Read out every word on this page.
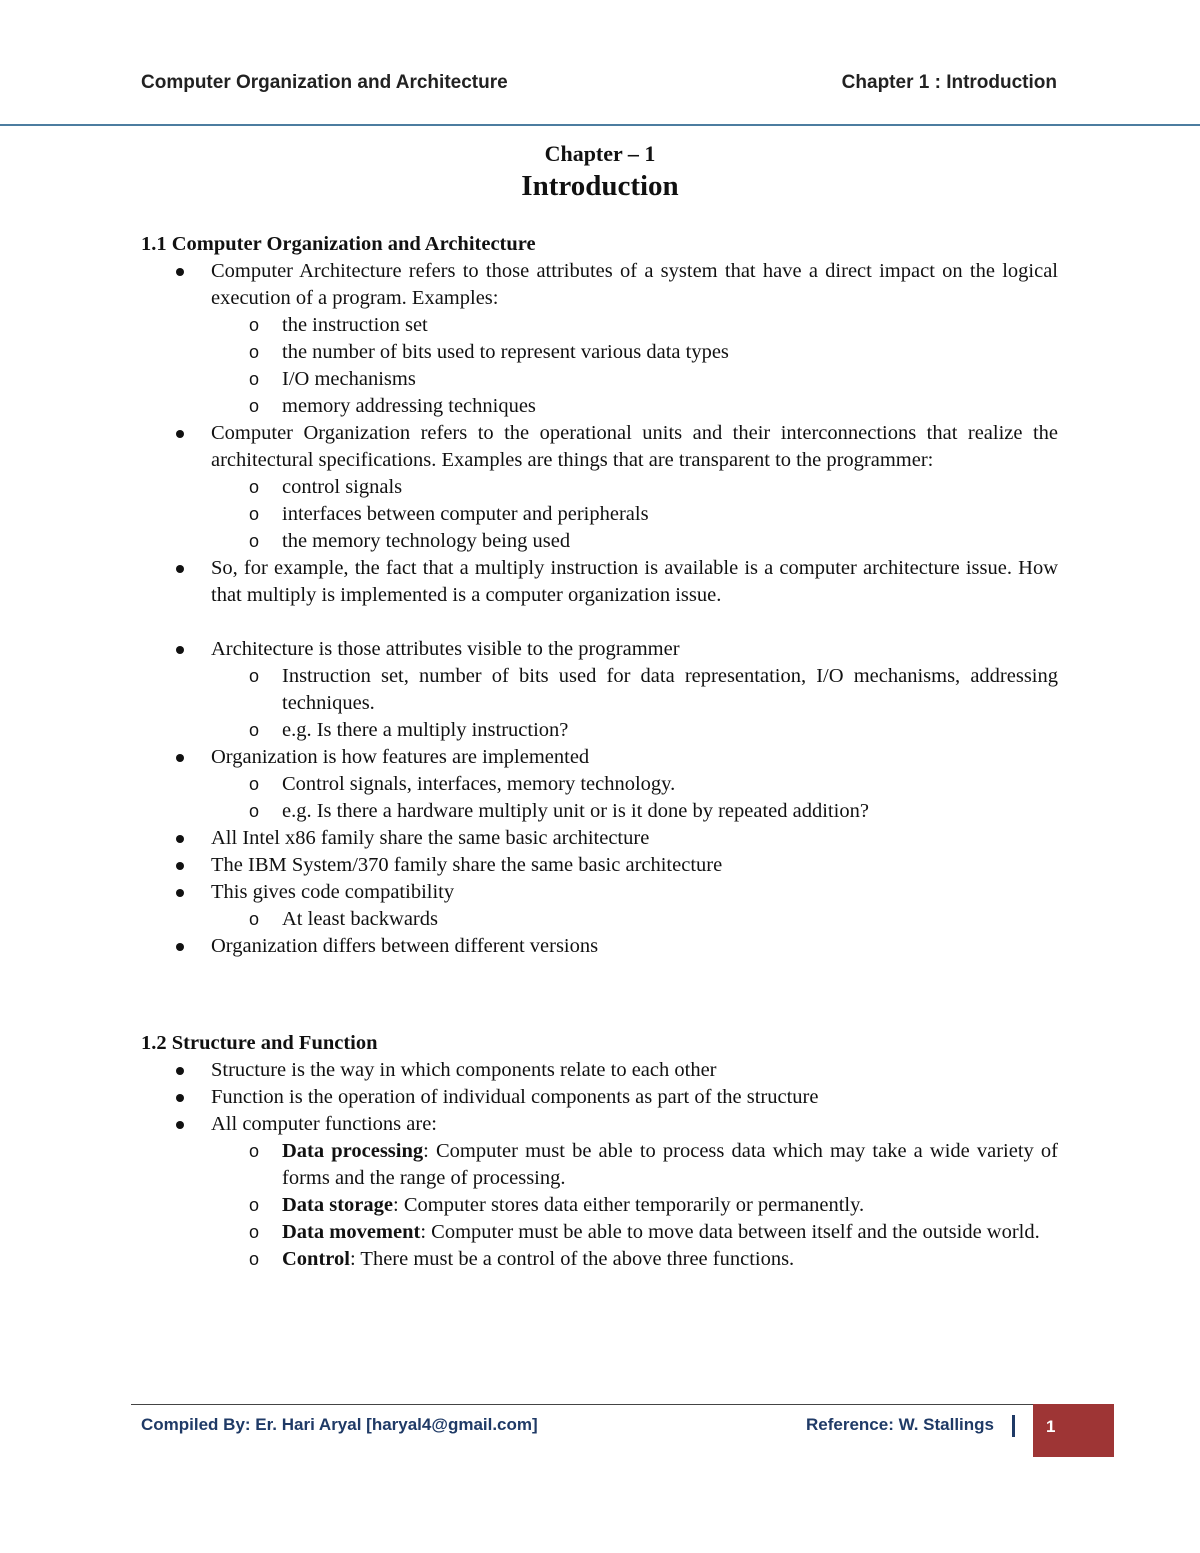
Computer Organization and Architecture	Chapter 1 : Introduction
Chapter – 1
Introduction
1.1 Computer Organization and Architecture
Computer Architecture refers to those attributes of a system that have a direct impact on the logical execution of a program. Examples:
o the instruction set
o the number of bits used to represent various data types
o I/O mechanisms
o memory addressing techniques
Computer Organization refers to the operational units and their interconnections that realize the architectural specifications. Examples are things that are transparent to the programmer:
o control signals
o interfaces between computer and peripherals
o the memory technology being used
So, for example, the fact that a multiply instruction is available is a computer architecture issue. How that multiply is implemented is a computer organization issue.
Architecture is those attributes visible to the programmer
o Instruction set, number of bits used for data representation, I/O mechanisms, addressing techniques.
o e.g. Is there a multiply instruction?
Organization is how features are implemented
o Control signals, interfaces, memory technology.
o e.g. Is there a hardware multiply unit or is it done by repeated addition?
All Intel x86 family share the same basic architecture
The IBM System/370 family share the same basic architecture
This gives code compatibility
o At least backwards
Organization differs between different versions
1.2 Structure and Function
Structure is the way in which components relate to each other
Function is the operation of individual components as part of the structure
All computer functions are:
o Data processing: Computer must be able to process data which may take a wide variety of forms and the range of processing.
o Data storage: Computer stores data either temporarily or permanently.
o Data movement: Computer must be able to move data between itself and the outside world.
o Control: There must be a control of the above three functions.
Compiled By: Er. Hari Aryal [haryal4@gmail.com]	Reference: W. Stallings	1
